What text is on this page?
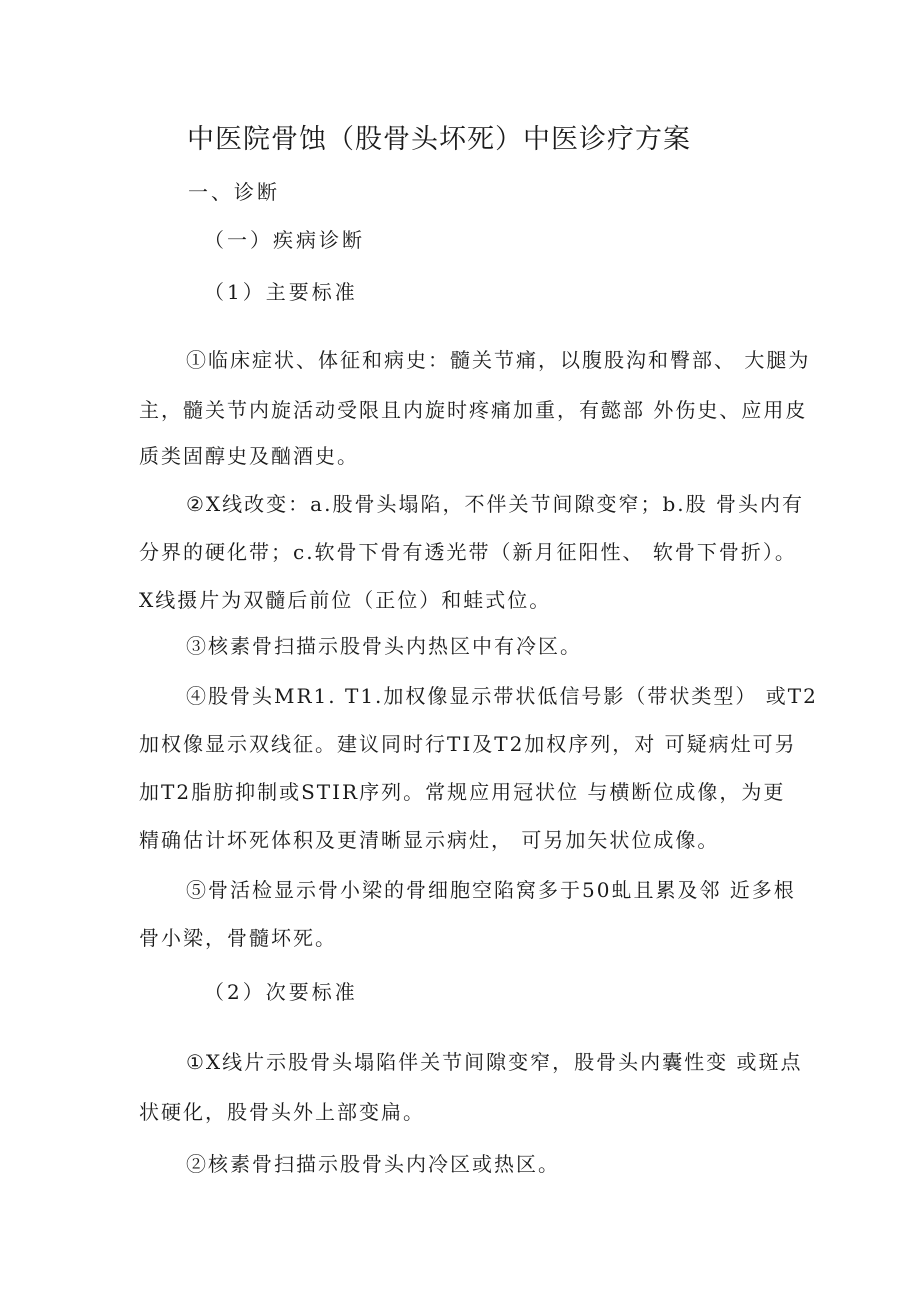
中医院骨蚀（股骨头坏死）中医诊疗方案
一、诊断
（一）疾病诊断
（1）主要标准
①临床症状、体征和病史：髓关节痛，以腹股沟和臀部、 大腿为
主，髓关节内旋活动受限且内旋时疼痛加重，有懿部 外伤史、应用皮
质类固醇史及酗酒史。
②X线改变：a.股骨头塌陷，不伴关节间隙变窄；b.股 骨头内有
分界的硬化带；c.软骨下骨有透光带（新月征阳性、 软骨下骨折）。
X线摄片为双髓后前位（正位）和蛙式位。
③核素骨扫描示股骨头内热区中有冷区。
④股骨头MR1. T1.加权像显示带状低信号影（带状类型） 或T2
加权像显示双线征。建议同时行TI及T2加权序列，对 可疑病灶可另
加T2脂肪抑制或STIR序列。常规应用冠状位 与横断位成像，为更
精确估计坏死体积及更清晰显示病灶， 可另加矢状位成像。
⑤骨活检显示骨小梁的骨细胞空陷窝多于50虬且累及邻 近多根
骨小梁，骨髓坏死。
（2）次要标准
①X线片示股骨头塌陷伴关节间隙变窄，股骨头内囊性变 或斑点
状硬化，股骨头外上部变扁。
②核素骨扫描示股骨头内冷区或热区。
